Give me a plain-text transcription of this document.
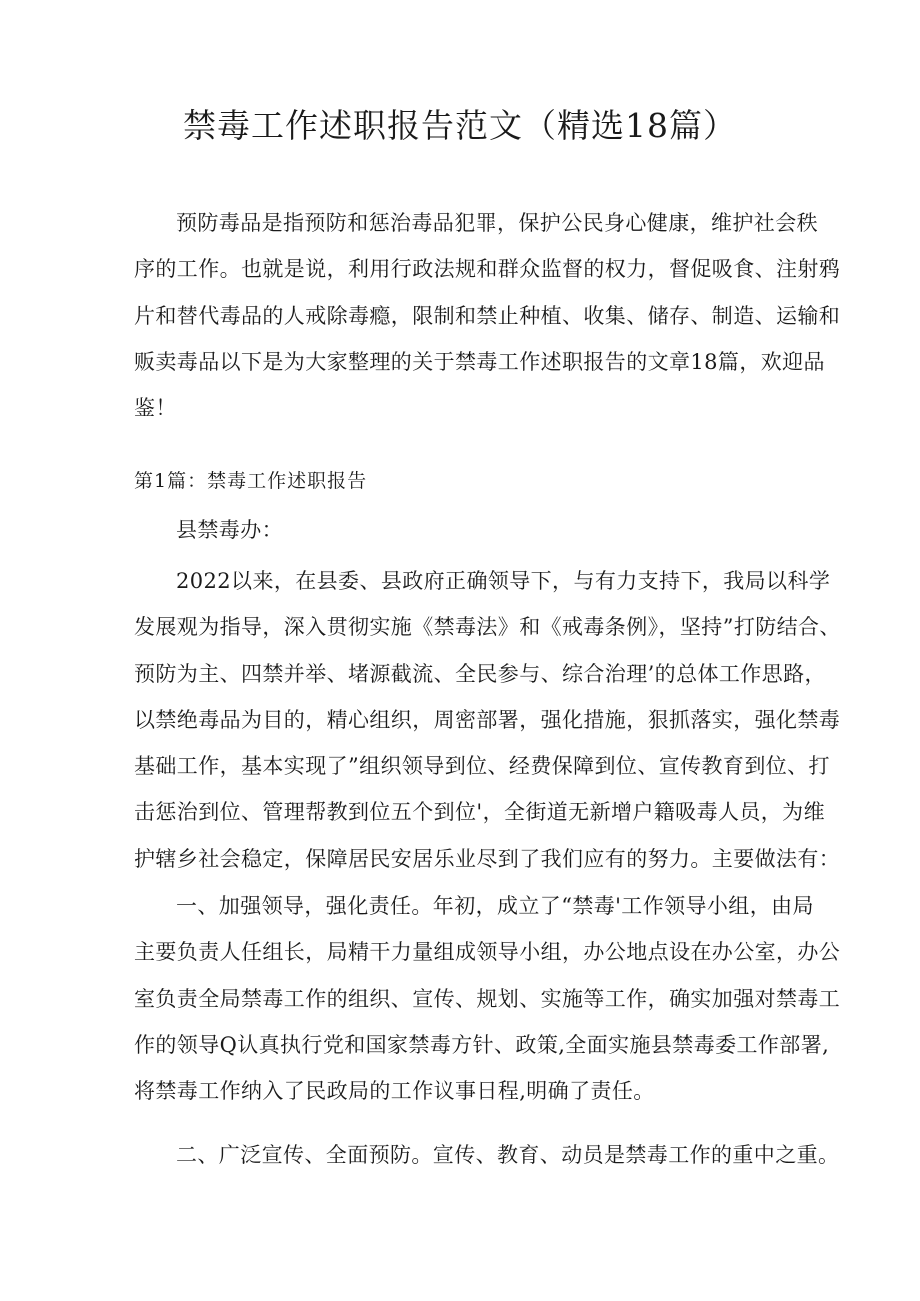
禁毒工作述职报告范文（精选18篇）

预防毒品是指预防和惩治毒品犯罪，保护公民身心健康，维护社会秩
序的工作。也就是说，利用行政法规和群众监督的权力，督促吸食、注射鸦
片和替代毒品的人戒除毒瘾，限制和禁止种植、收集、储存、制造、运输和
贩卖毒品以下是为大家整理的关于禁毒工作述职报告的文章18篇，欢迎品
鉴！

第1篇：禁毒工作述职报告

县禁毒办：

2022以来，在县委、县政府正确领导下，与有力支持下，我局以科学
发展观为指导，深入贯彻实施《禁毒法》和《戒毒条例》，坚持”打防结合、
预防为主、四禁并举、堵源截流、全民参与、综合治理’的总体工作思路，
以禁绝毒品为目的，精心组织，周密部署，强化措施，狠抓落实，强化禁毒
基础工作，基本实现了”组织领导到位、经费保障到位、宣传教育到位、打
击惩治到位、管理帮教到位五个到位'，全街道无新增户籍吸毒人员，为维
护辖乡社会稳定，保障居民安居乐业尽到了我们应有的努力。主要做法有：

一、加强领导，强化责任。年初，成立了“禁毒'工作领导小组，由局
主要负责人任组长，局精干力量组成领导小组，办公地点设在办公室，办公
室负责全局禁毒工作的组织、宣传、规划、实施等工作，确实加强对禁毒工
作的领导Q认真执行党和国家禁毒方针、政策,全面实施县禁毒委工作部署,
将禁毒工作纳入了民政局的工作议事日程,明确了责任。

二、广泛宣传、全面预防。宣传、教育、动员是禁毒工作的重中之重。
